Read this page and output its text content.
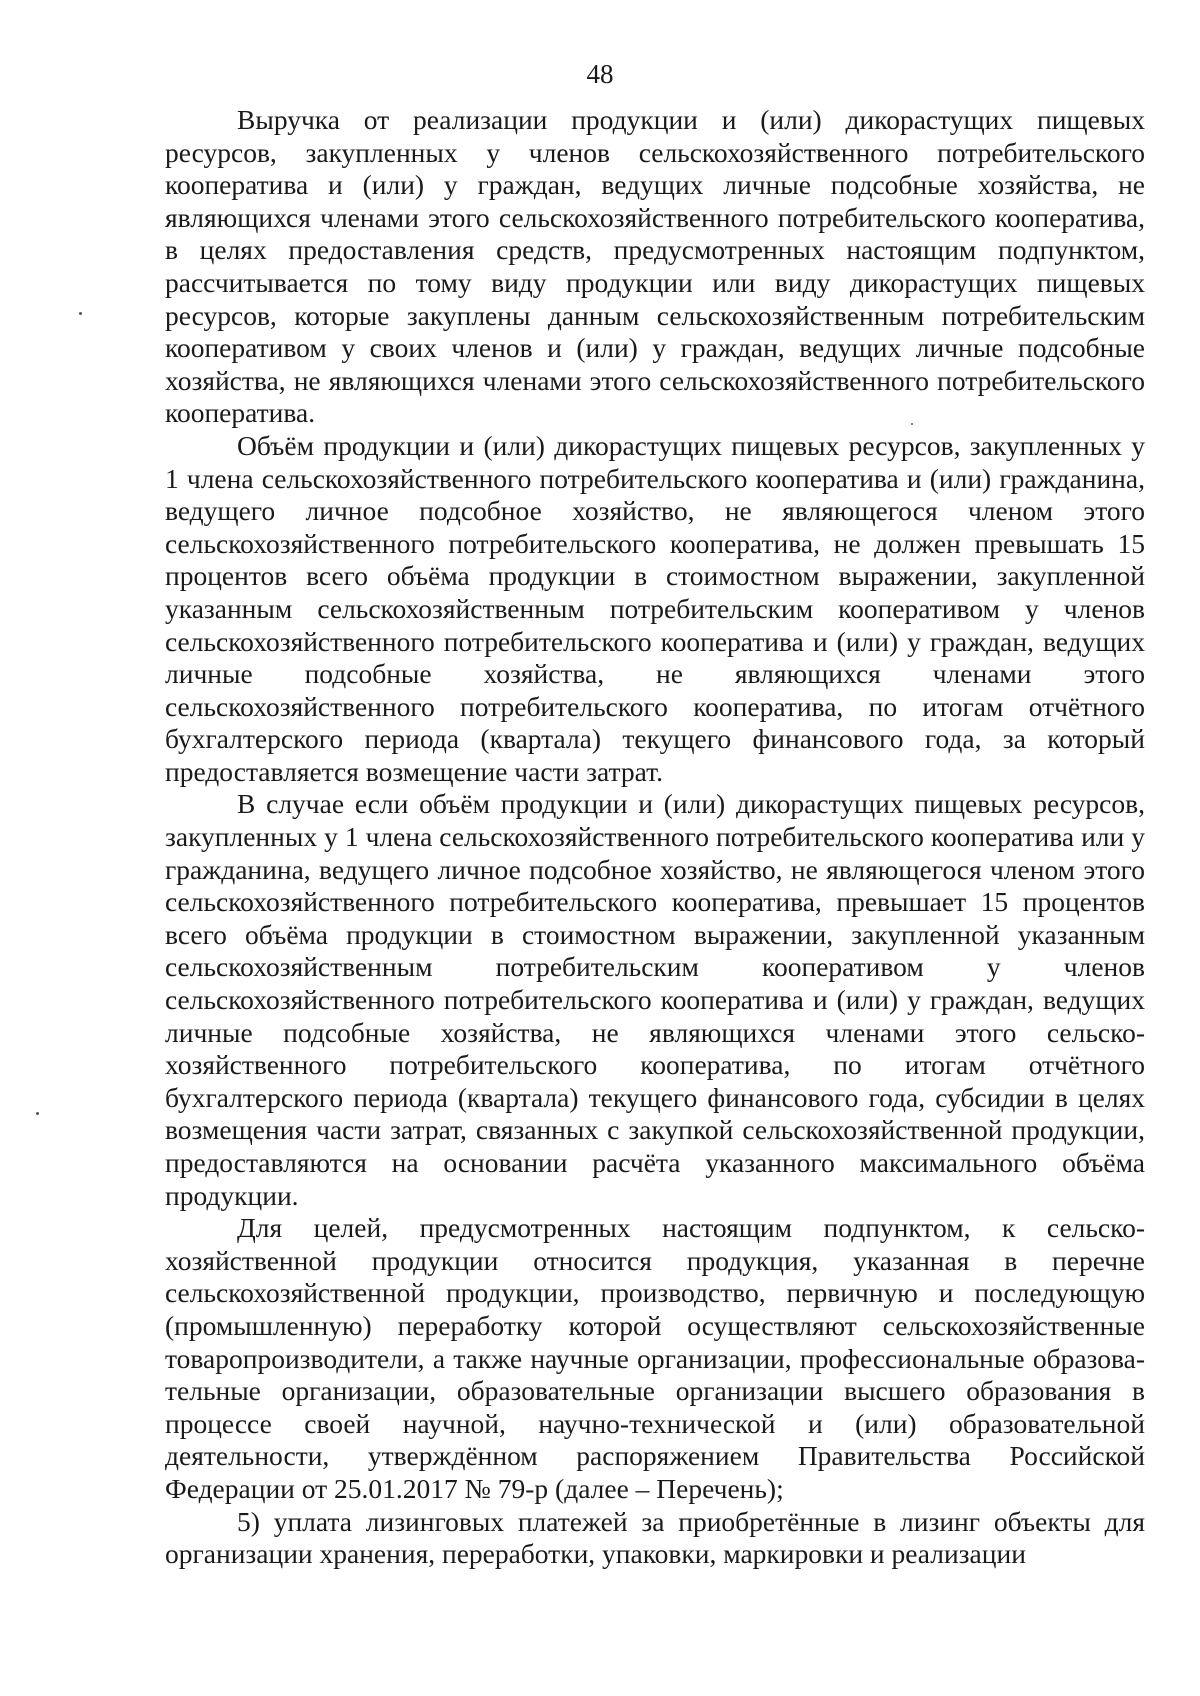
48

Выручка от реализации продукции и (или) дикорастущих пищевых ресурсов, закупленных у членов сельскохозяйственного потребительского кооператива и (или) у граждан, ведущих личные подсобные хозяйства, не являющихся членами этого сельскохозяйственного потребительского кооператива, в целях предоставления средств, предусмотренных настоящим подпунктом, рассчитывается по тому виду продукции или виду дикорастущих пищевых ресурсов, которые закуплены данным сельскохозяйственным потребительским кооперативом у своих членов и (или) у граждан, ведущих личные подсобные хозяйства, не являющихся членами этого сельскохозяйственного потребительского кооператива.

Объём продукции и (или) дикорастущих пищевых ресурсов, закупленных у 1 члена сельскохозяйственного потребительского кооператива и (или) гражданина, ведущего личное подсобное хозяйство, не являющегося членом этого сельскохозяйственного потребительского кооператива, не должен превышать 15 процентов всего объёма продукции в стоимостном выражении, закупленной указанным сельскохозяйственным потребительским кооперативом у членов сельскохозяйственного потребительского кооператива и (или) у граждан, ведущих личные подсобные хозяйства, не являющихся членами этого сельскохозяйственного потребительского кооператива, по итогам отчётного бухгалтерского периода (квартала) текущего финансового года, за который предоставляется возмещение части затрат.

В случае если объём продукции и (или) дикорастущих пищевых ресурсов, закупленных у 1 члена сельскохозяйственного потребительского кооператива или у гражданина, ведущего личное подсобное хозяйство, не являющегося членом этого сельскохозяйственного потребительского кооператива, превышает 15 процентов всего объёма продукции в стоимостном выражении, закупленной указанным сельскохозяйственным потребительским кооперативом у членов сельскохозяйственного потребительского кооператива и (или) у граждан, ведущих личные подсобные хозяйства, не являющихся членами этого сельскохозяйственного потребительского кооператива, по итогам отчётного бухгалтерского периода (квартала) текущего финансового года, субсидии в целях возмещения части затрат, связанных с закупкой сельскохозяйственной продукции, предоставляются на основании расчёта указанного максимального объёма продукции.

Для целей, предусмотренных настоящим подпунктом, к сельскохозяйственной продукции относится продукция, указанная в перечне сельскохозяйственной продукции, производство, первичную и последующую (промышленную) переработку которой осуществляют сельскохозяйственные товаропроизводители, а также научные организации, профессиональные образовательные организации, образовательные организации высшего образования в процессе своей научной, научно-технической и (или) образовательной деятельности, утверждённом распоряжением Правительства Российской Федерации от 25.01.2017 № 79-р (далее – Перечень);

5) уплата лизинговых платежей за приобретённые в лизинг объекты для организации хранения, переработки, упаковки, маркировки и реализации
